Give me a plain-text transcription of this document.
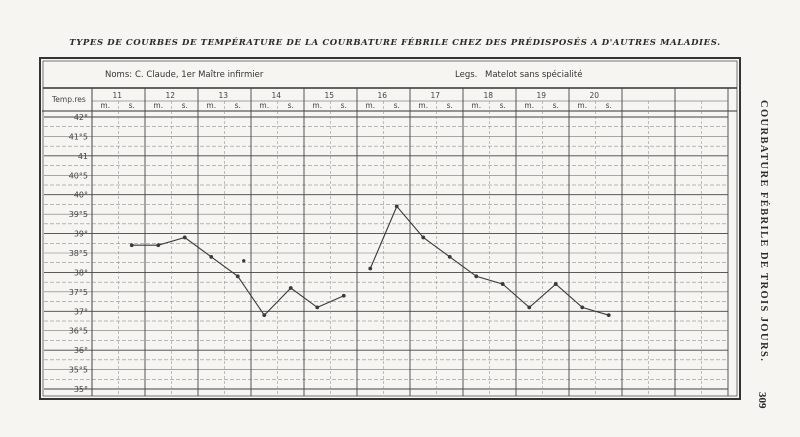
TYPES DE COURBES DE TEMPÉRATURE DE LA COURBATURE FÉBRILE CHEZ DES PRÉDISPOSÉS A D'AUTRES MALADIES.
COURBATURE FÉBRILE DE TROIS JOURS.
309
Noms: C. Claude, 1er Maître infirmier	Legs. Matelot sans spécialité
Temp.res	11
m. s.
12
m. s.
13
m. s.
14
m. s.
15
m. s.
16
m. s.
17
m. s.
18
m. s.
19
m. s.
20
m. s.
42°
41°5
41
40°5
40°
39°5
39°
38°5
38°
37°5
37°
36°5
36°
35°5
35°
